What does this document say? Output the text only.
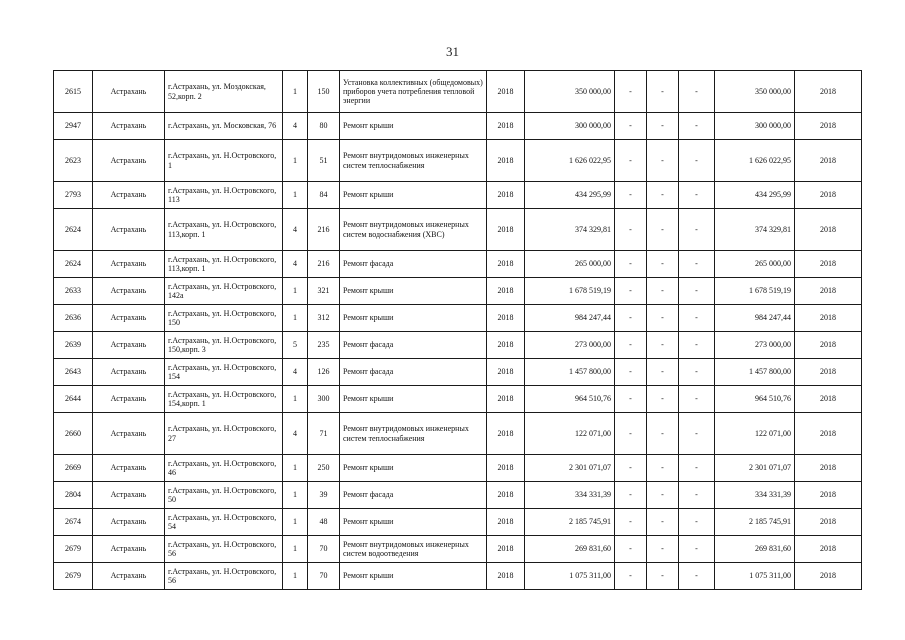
31
2615	Астрахань	г.Астрахань, ул. Моздокская, 52,корп. 2	1	150	Установка коллективных (общедомовых) приборов учета потребления тепловой энергии	2018	350 000,00	-	-	-	350 000,00	2018
2947	Астрахань	г.Астрахань, ул. Московская, 76	4	80	Ремонт крыши	2018	300 000,00	-	-	-	300 000,00	2018
2623	Астрахань	г.Астрахань, ул. Н.Островского, 1	1	51	Ремонт внутридомовых инженерных систем теплоснабжения	2018	1 626 022,95	-	-	-	1 626 022,95	2018
2793	Астрахань	г.Астрахань, ул. Н.Островского, 113	1	84	Ремонт крыши	2018	434 295,99	-	-	-	434 295,99	2018
2624	Астрахань	г.Астрахань, ул. Н.Островского, 113,корп. 1	4	216	Ремонт внутридомовых инженерных систем водоснабжения (ХВС)	2018	374 329,81	-	-	-	374 329,81	2018
2624	Астрахань	г.Астрахань, ул. Н.Островского, 113,корп. 1	4	216	Ремонт фасада	2018	265 000,00	-	-	-	265 000,00	2018
2633	Астрахань	г.Астрахань, ул. Н.Островского, 142а	1	321	Ремонт крыши	2018	1 678 519,19	-	-	-	1 678 519,19	2018
2636	Астрахань	г.Астрахань, ул. Н.Островского, 150	1	312	Ремонт крыши	2018	984 247,44	-	-	-	984 247,44	2018
2639	Астрахань	г.Астрахань, ул. Н.Островского, 150,корп. 3	5	235	Ремонт фасада	2018	273 000,00	-	-	-	273 000,00	2018
2643	Астрахань	г.Астрахань, ул. Н.Островского, 154	4	126	Ремонт фасада	2018	1 457 800,00	-	-	-	1 457 800,00	2018
2644	Астрахань	г.Астрахань, ул. Н.Островского, 154,корп. 1	1	300	Ремонт крыши	2018	964 510,76	-	-	-	964 510,76	2018
2660	Астрахань	г.Астрахань, ул. Н.Островского, 27	4	71	Ремонт внутридомовых инженерных систем теплоснабжения	2018	122 071,00	-	-	-	122 071,00	2018
2669	Астрахань	г.Астрахань, ул. Н.Островского, 46	1	250	Ремонт крыши	2018	2 301 071,07	-	-	-	2 301 071,07	2018
2804	Астрахань	г.Астрахань, ул. Н.Островского, 50	1	39	Ремонт фасада	2018	334 331,39	-	-	-	334 331,39	2018
2674	Астрахань	г.Астрахань, ул. Н.Островского, 54	1	48	Ремонт крыши	2018	2 185 745,91	-	-	-	2 185 745,91	2018
2679	Астрахань	г.Астрахань, ул. Н.Островского, 56	1	70	Ремонт внутридомовых инженерных систем водоотведения	2018	269 831,60	-	-	-	269 831,60	2018
2679	Астрахань	г.Астрахань, ул. Н.Островского, 56	1	70	Ремонт крыши	2018	1 075 311,00	-	-	-	1 075 311,00	2018
